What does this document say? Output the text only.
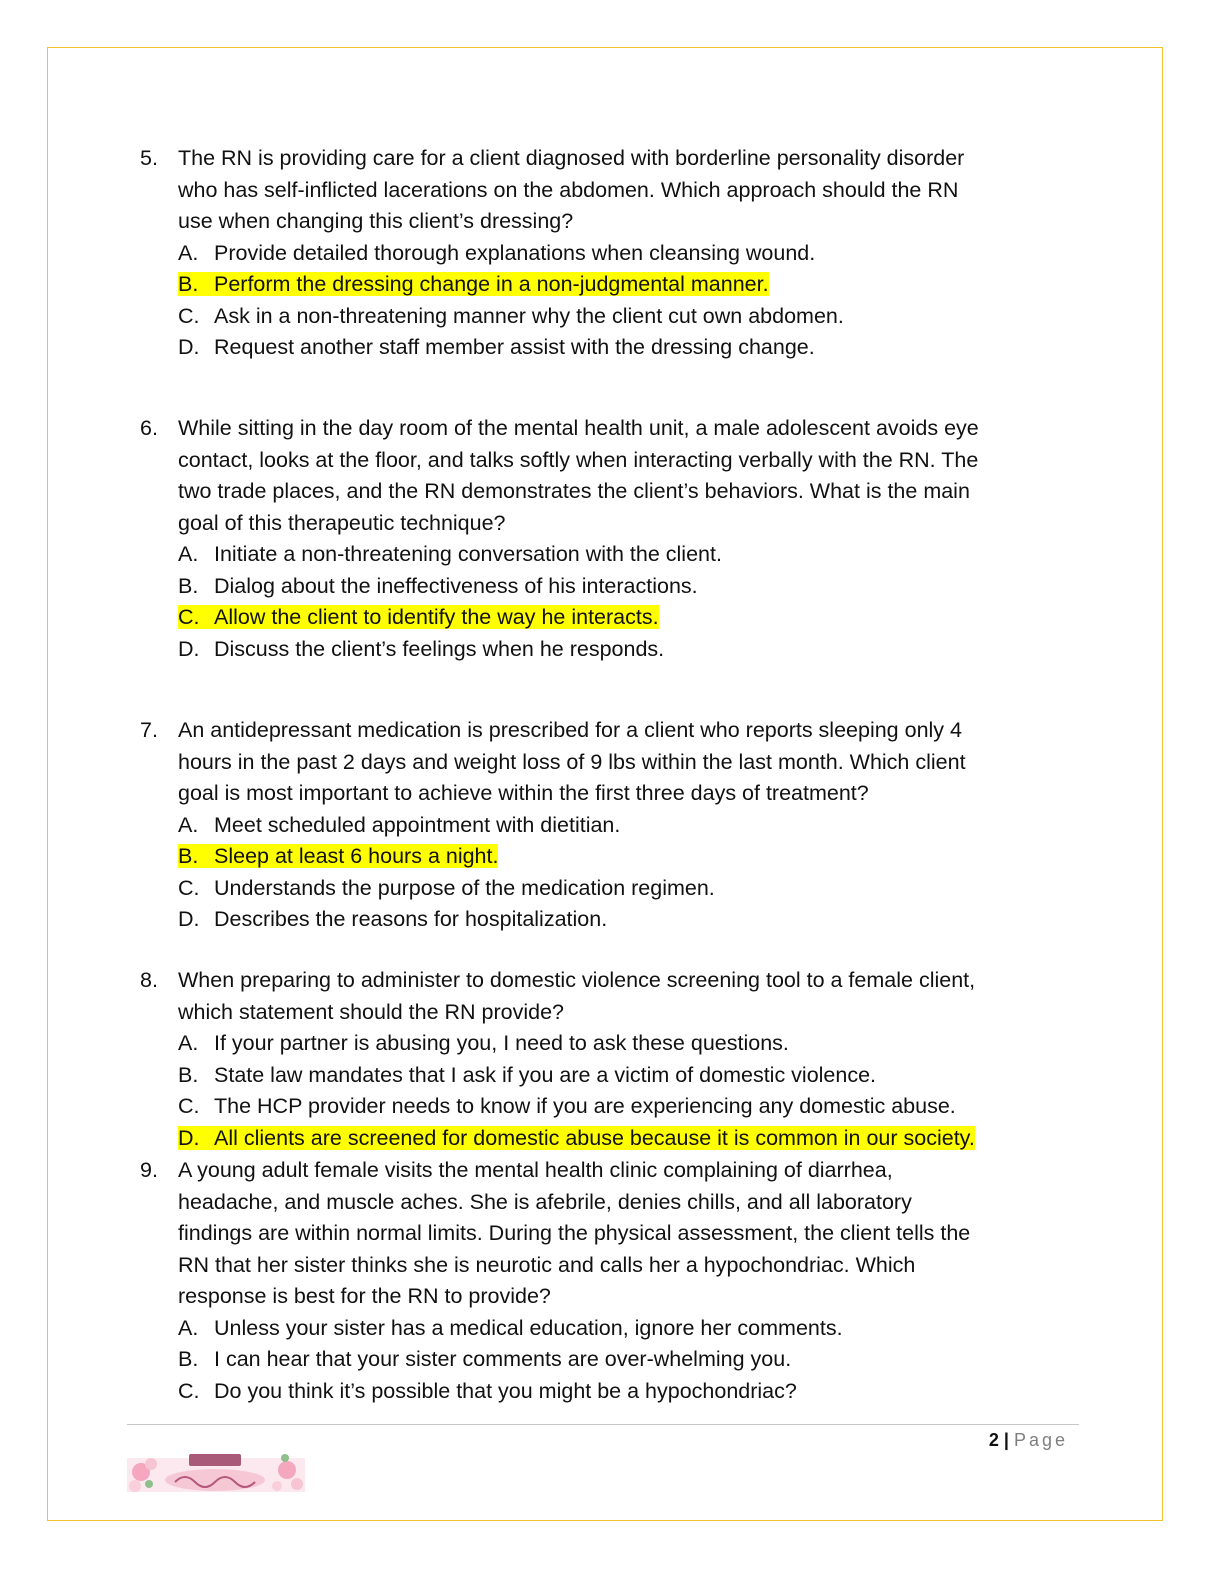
5. The RN is providing care for a client diagnosed with borderline personality disorder
who has self-inflicted lacerations on the abdomen. Which approach should the RN
use when changing this client’s dressing?
A. Provide detailed thorough explanations when cleansing wound.
B. Perform the dressing change in a non-judgmental manner.
C. Ask in a non-threatening manner why the client cut own abdomen.
D. Request another staff member assist with the dressing change.
6. While sitting in the day room of the mental health unit, a male adolescent avoids eye
contact, looks at the floor, and talks softly when interacting verbally with the RN. The
two trade places, and the RN demonstrates the client’s behaviors. What is the main
goal of this therapeutic technique?
A. Initiate a non-threatening conversation with the client.
B. Dialog about the ineffectiveness of his interactions.
C. Allow the client to identify the way he interacts.
D. Discuss the client’s feelings when he responds.
7. An antidepressant medication is prescribed for a client who reports sleeping only 4
hours in the past 2 days and weight loss of 9 lbs within the last month. Which client
goal is most important to achieve within the first three days of treatment?
A. Meet scheduled appointment with dietitian.
B. Sleep at least 6 hours a night.
C. Understands the purpose of the medication regimen.
D. Describes the reasons for hospitalization.
8. When preparing to administer to domestic violence screening tool to a female client,
which statement should the RN provide?
A. If your partner is abusing you, I need to ask these questions.
B. State law mandates that I ask if you are a victim of domestic violence.
C. The HCP provider needs to know if you are experiencing any domestic abuse.
D. All clients are screened for domestic abuse because it is common in our society.
9. A young adult female visits the mental health clinic complaining of diarrhea,
headache, and muscle aches. She is afebrile, denies chills, and all laboratory
findings are within normal limits. During the physical assessment, the client tells the
RN that her sister thinks she is neurotic and calls her a hypochondriac. Which
response is best for the RN to provide?
A. Unless your sister has a medical education, ignore her comments.
B. I can hear that your sister comments are over-whelming you.
C. Do you think it’s possible that you might be a hypochondriac?
2 | Page
